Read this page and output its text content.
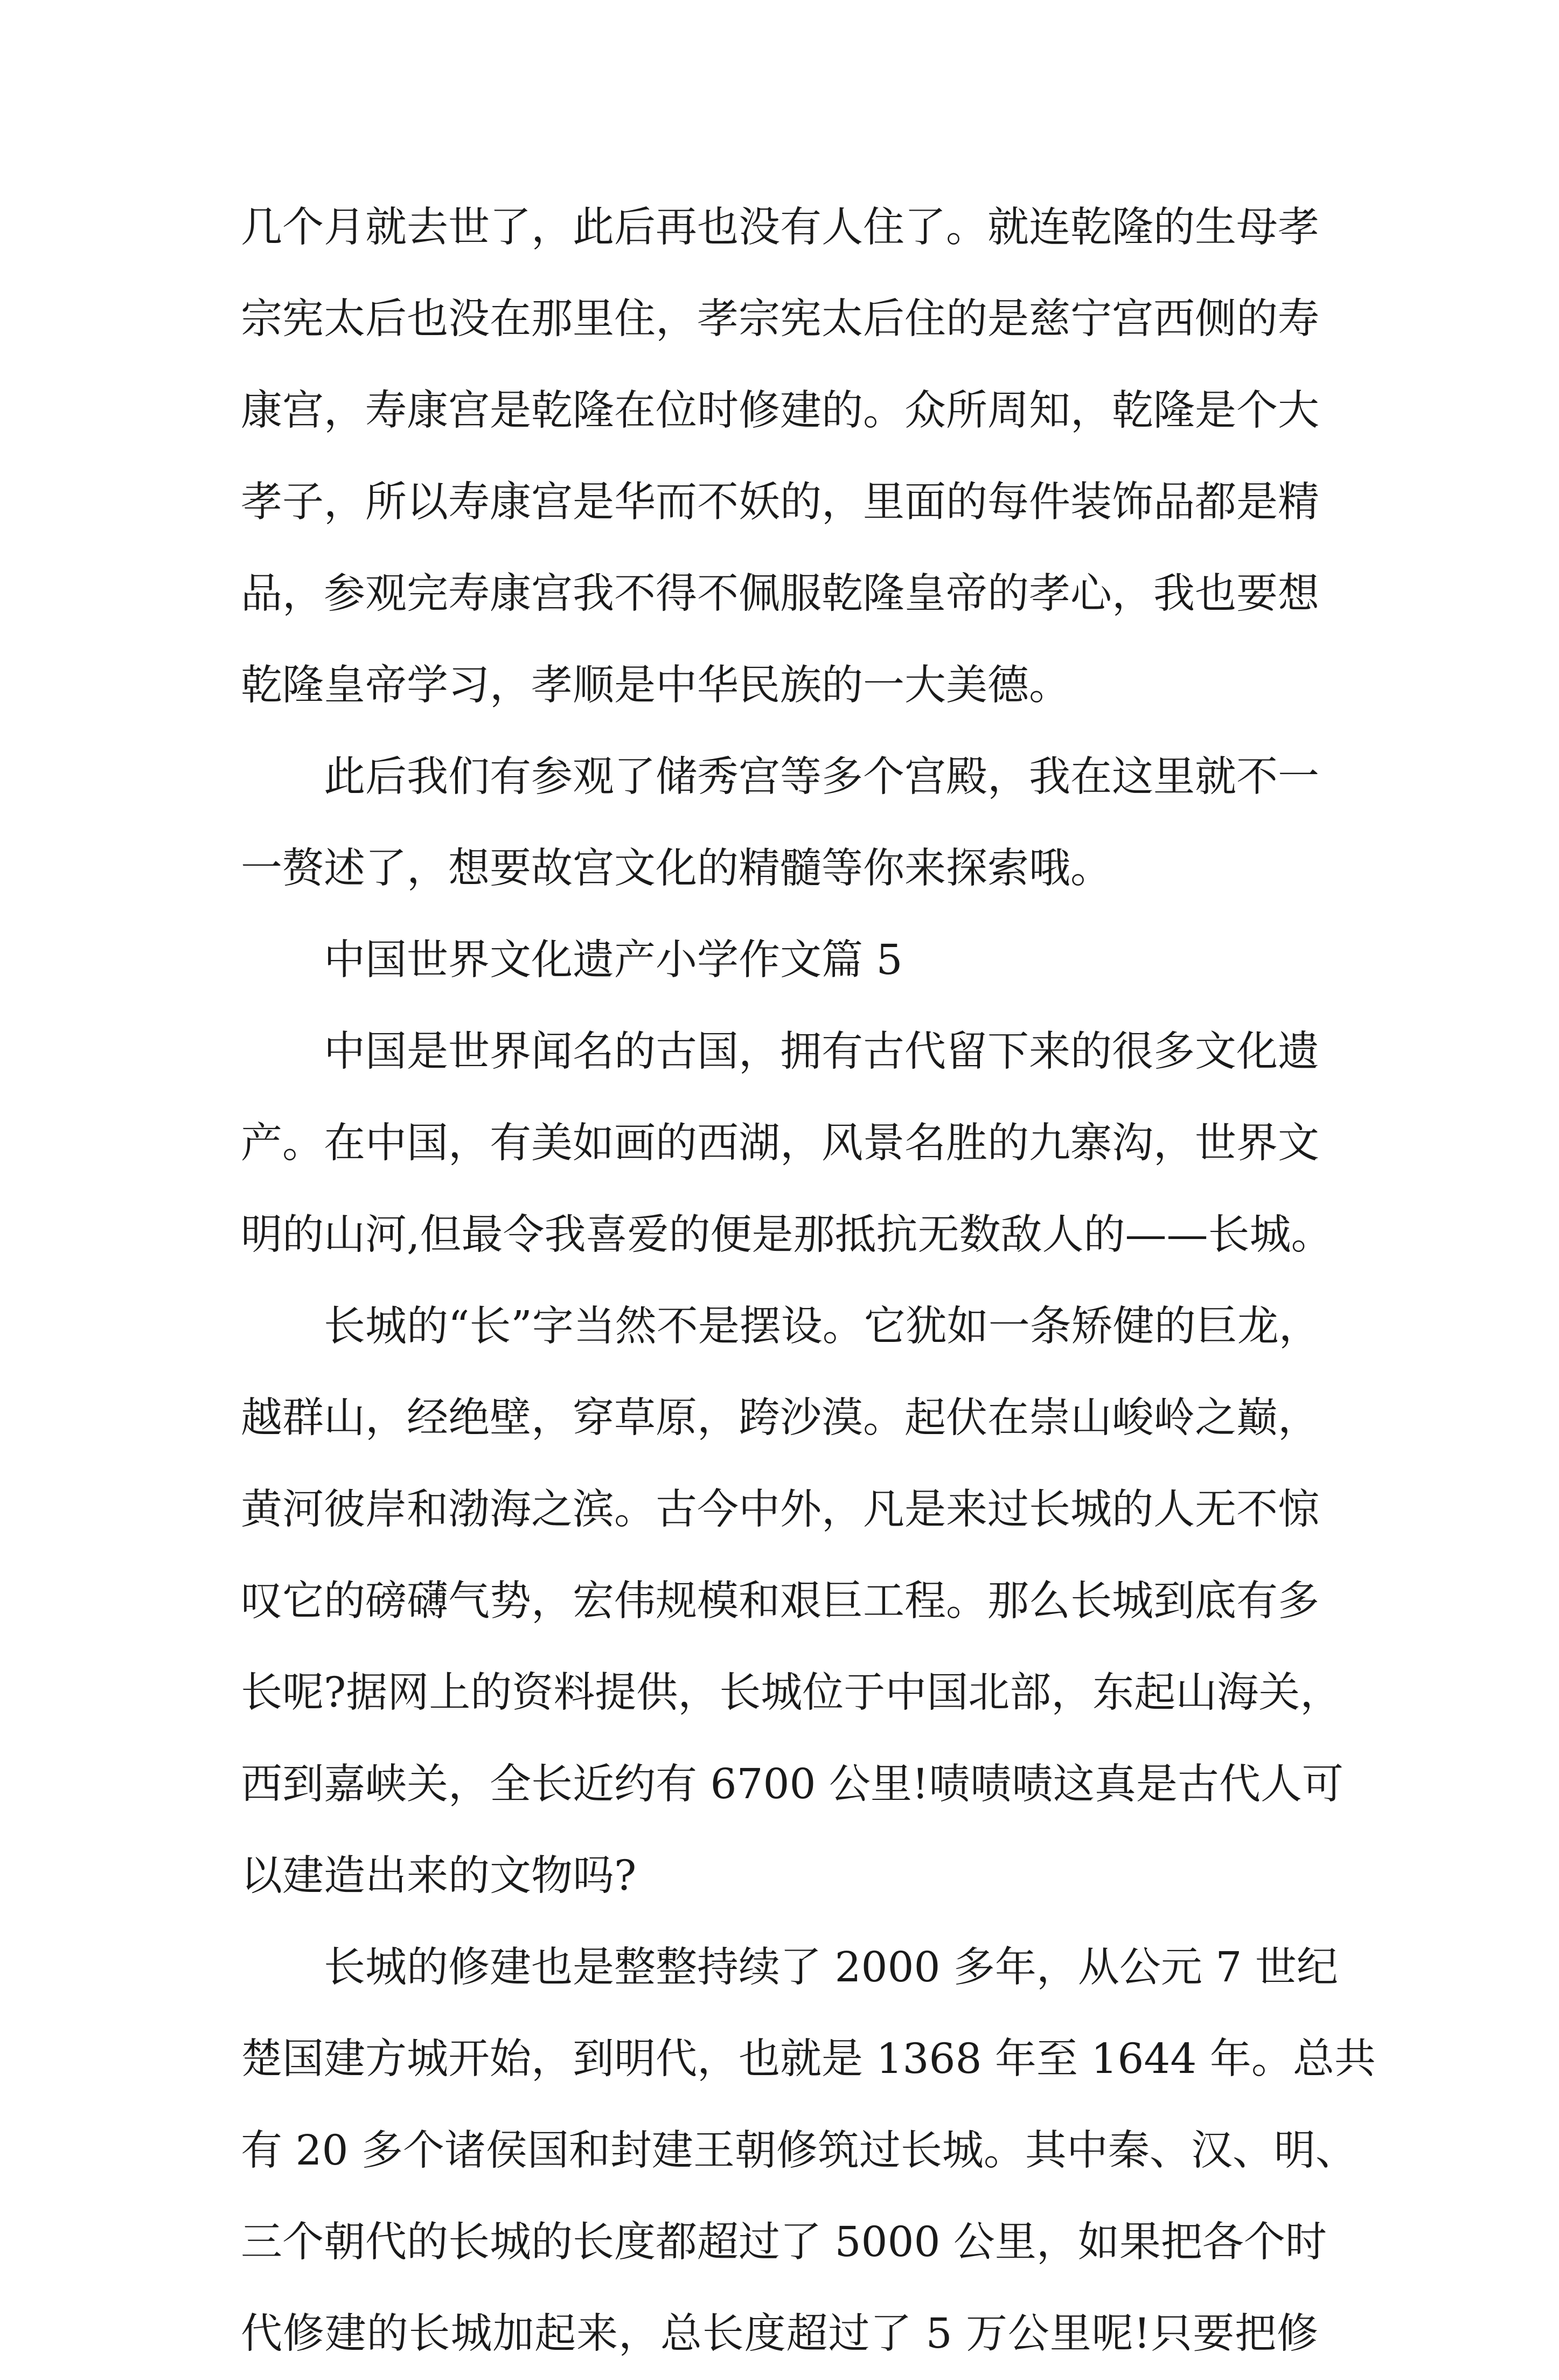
几个月就去世了，此后再也没有人住了。就连乾隆的生母孝
宗宪太后也没在那里住，孝宗宪太后住的是慈宁宫西侧的寿
康宫，寿康宫是乾隆在位时修建的。众所周知，乾隆是个大
孝子，所以寿康宫是华而不妖的，里面的每件装饰品都是精
品，参观完寿康宫我不得不佩服乾隆皇帝的孝心，我也要想
乾隆皇帝学习，孝顺是中华民族的一大美德。
此后我们有参观了储秀宫等多个宫殿，我在这里就不一
一赘述了，想要故宫文化的精髓等你来探索哦。
中国世界文化遗产小学作文篇 5
中国是世界闻名的古国，拥有古代留下来的很多文化遗
产。在中国，有美如画的西湖，风景名胜的九寨沟，世界文
明的山河,但最令我喜爱的便是那抵抗无数敌人的——长城。
长城的“长”字当然不是摆设。它犹如一条矫健的巨龙，
越群山，经绝壁，穿草原，跨沙漠。起伏在崇山峻岭之巅，
黄河彼岸和渤海之滨。古今中外，凡是来过长城的人无不惊
叹它的磅礴气势，宏伟规模和艰巨工程。那么长城到底有多
长呢?据网上的资料提供，长城位于中国北部，东起山海关，
西到嘉峡关，全长近约有 6700 公里!啧啧啧这真是古代人可
以建造出来的文物吗?
长城的修建也是整整持续了 2000 多年，从公元 7 世纪
楚国建方城开始，到明代，也就是 1368 年至 1644 年。总共
有 20 多个诸侯国和封建王朝修筑过长城。其中秦、汉、明、
三个朝代的长城的长度都超过了 5000 公里，如果把各个时
代修建的长城加起来，总长度超过了 5 万公里呢!只要把修
